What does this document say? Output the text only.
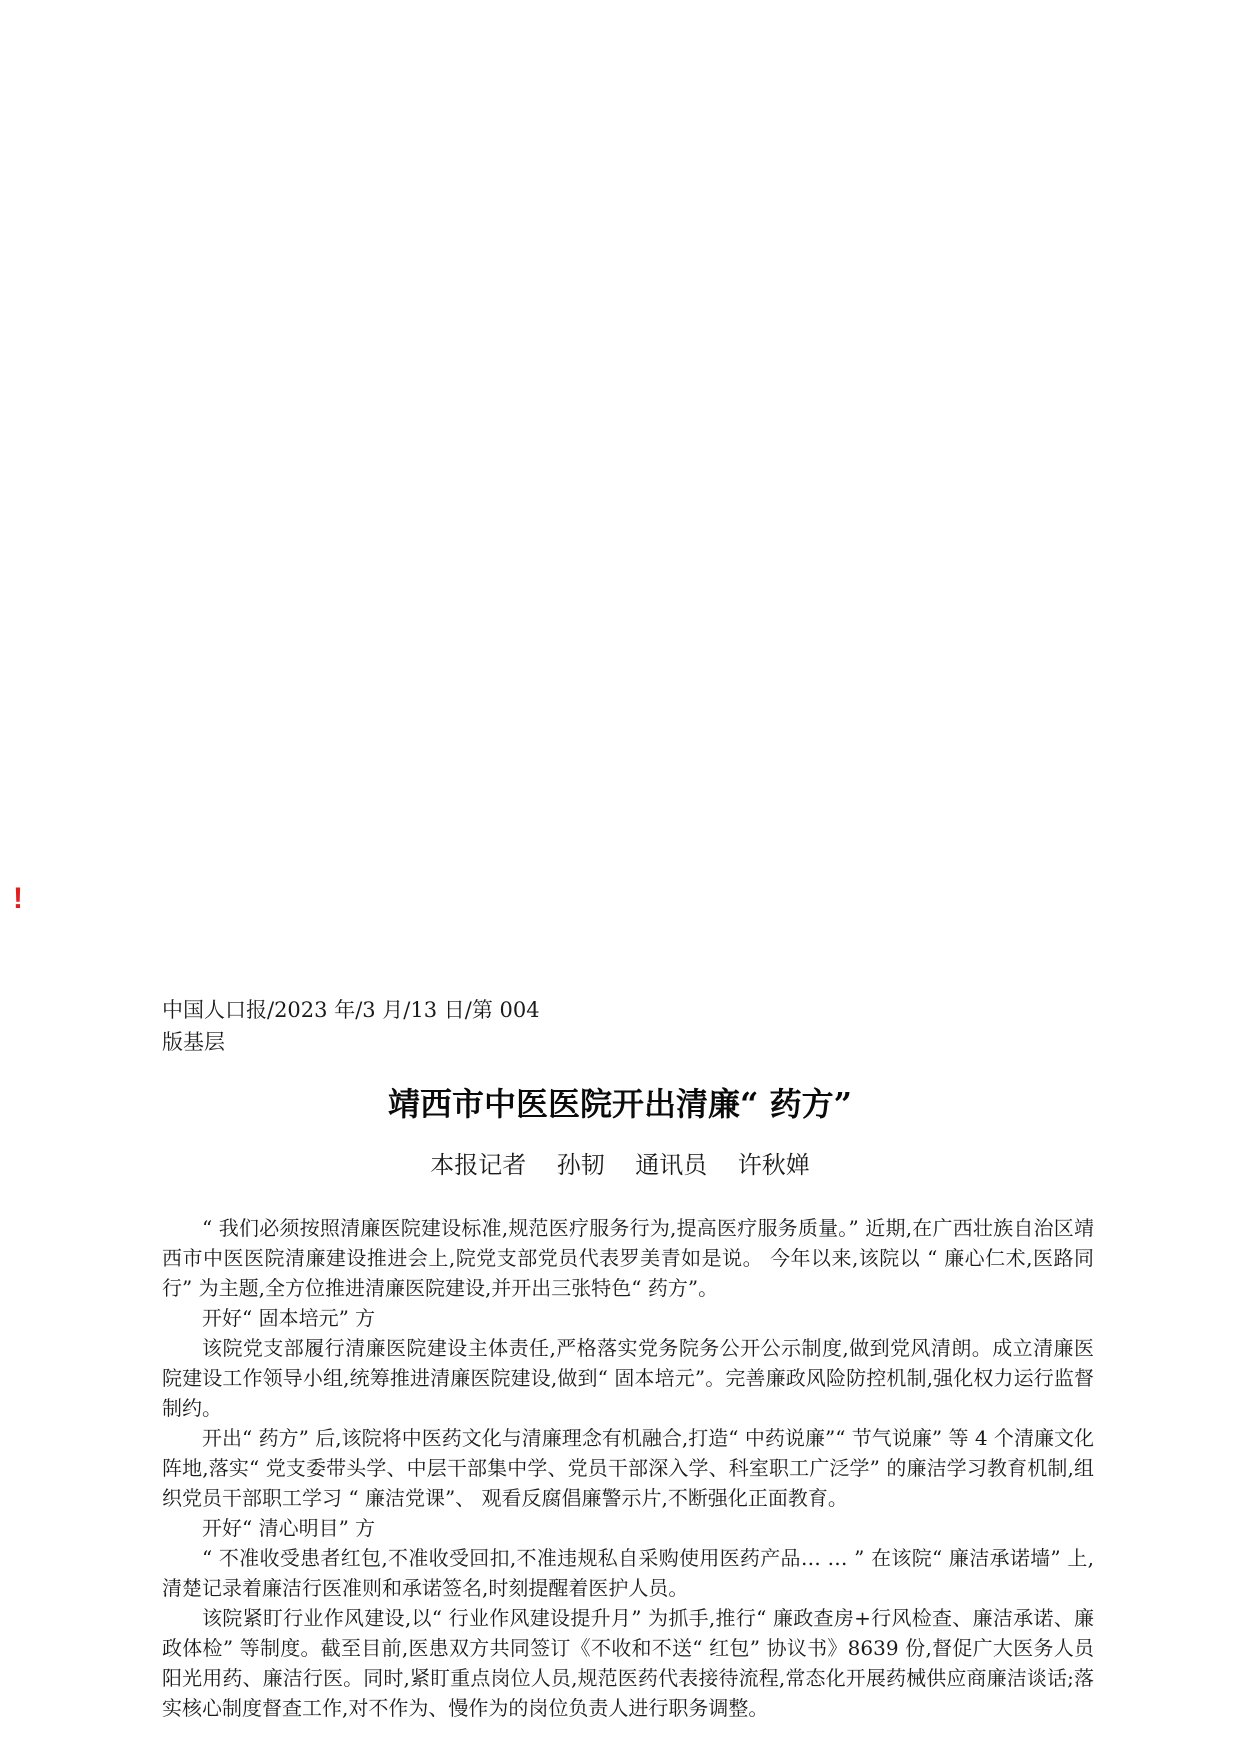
!
中国人口报/2023 年/3 月/13 日/第 004
版基层
靖西市中医医院开出清廉“ 药方”
本报记者    孙韧    通讯员    许秋婵

“ 我们必须按照清廉医院建设标准,规范医疗服务行为,提高医疗服务质量。” 近期,在广西壮族自治区靖西市中医医院清廉建设推进会上,院党支部党员代表罗美青如是说。 今年以来,该院以 “ 廉心仁术,医路同行” 为主题,全方位推进清廉医院建设,并开出三张特色“ 药方”。

开好“ 固本培元” 方

该院党支部履行清廉医院建设主体责任,严格落实党务院务公开公示制度,做到党风清朗。成立清廉医院建设工作领导小组,统筹推进清廉医院建设,做到“ 固本培元”。完善廉政风险防控机制,强化权力运行监督制约。

开出“ 药方” 后,该院将中医药文化与清廉理念有机融合,打造“ 中药说廉”“ 节气说廉” 等 4 个清廉文化阵地,落实“ 党支委带头学、中层干部集中学、党员干部深入学、科室职工广泛学” 的廉洁学习教育机制,组织党员干部职工学习 “ 廉洁党课”、 观看反腐倡廉警示片,不断强化正面教育。

开好“ 清心明目” 方

“ 不准收受患者红包,不准收受回扣,不准违规私自采购使用医药产品… … ” 在该院“ 廉洁承诺墙” 上,清楚记录着廉洁行医准则和承诺签名,时刻提醒着医护人员。

该院紧盯行业作风建设,以“ 行业作风建设提升月” 为抓手,推行“ 廉政查房+行风检查、廉洁承诺、廉政体检” 等制度。截至目前,医患双方共同签订《不收和不送“ 红包” 协议书》8639 份,督促广大医务人员阳光用药、廉洁行医。同时,紧盯重点岗位人员,规范医药代表接待流程,常态化开展药械供应商廉洁谈话;落实核心制度督查工作,对不作为、慢作为的岗位负责人进行职务调整。
